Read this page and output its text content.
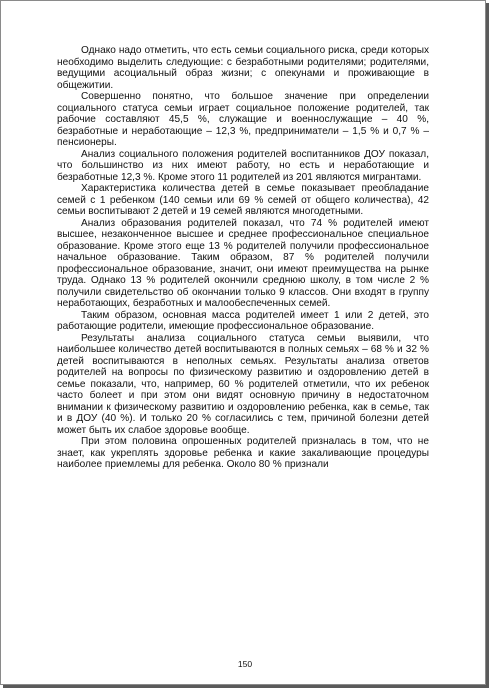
Однако надо отметить, что есть семьи социального риска, среди которых необходимо выделить следующие: с безработными родителями; родителями, ведущими асоциальный образ жизни; с опекунами и проживающие в общежитии.

Совершенно понятно, что большое значение при определении социального статуса семьи играет социальное положение родителей, так рабочие составляют 45,5 %, служащие и военнослужащие – 40 %, безработные и неработающие – 12,3 %, предприниматели – 1,5 % и 0,7 % –пенсионеры.

Анализ социального положения родителей воспитанников ДОУ показал, что большинство из них имеют работу, но есть и неработающие и безработные 12,3 %. Кроме этого 11 родителей из 201 являются мигрантами.

Характеристика количества детей в семье показывает преобладание семей с 1 ребенком (140 семьи или 69 % семей от общего количества), 42 семьи воспитывают 2 детей и 19 семей являются многодетными.

Анализ образования родителей показал, что 74 % родителей имеют высшее, незаконченное высшее и среднее профессиональное специальное образование. Кроме этого еще 13 % родителей получили профессиональное начальное образование. Таким образом, 87 % родителей получили профессиональное образование, значит, они имеют преимущества на рынке труда. Однако 13 % родителей окончили среднюю школу, в том числе 2 % получили свидетельство об окончании только 9 классов. Они входят в группу неработающих, безработных и малообеспеченных семей.

Таким образом, основная масса родителей имеет 1 или 2 детей, это работающие родители, имеющие профессиональное образование.

Результаты анализа социального статуса семьи выявили, что наибольшее количество детей воспитываются в полных семьях – 68 % и 32 % детей воспитываются в неполных семьях. Результаты анализа ответов родителей на вопросы по физическому развитию и оздоровлению детей в семье показали, что, например, 60 % родителей отметили, что их ребенок часто болеет и при этом они видят основную причину в недостаточном внимании к физическому развитию и оздоровлению ребенка, как в семье, так и в ДОУ (40 %). И только 20 % согласились с тем, причиной болезни детей может быть их слабое здоровье вообще.

При этом половина опрошенных родителей призналась в том, что не знает, как укреплять здоровье ребенка и какие закаливающие процедуры наиболее приемлемы для ребенка. Около 80 % признали

150
